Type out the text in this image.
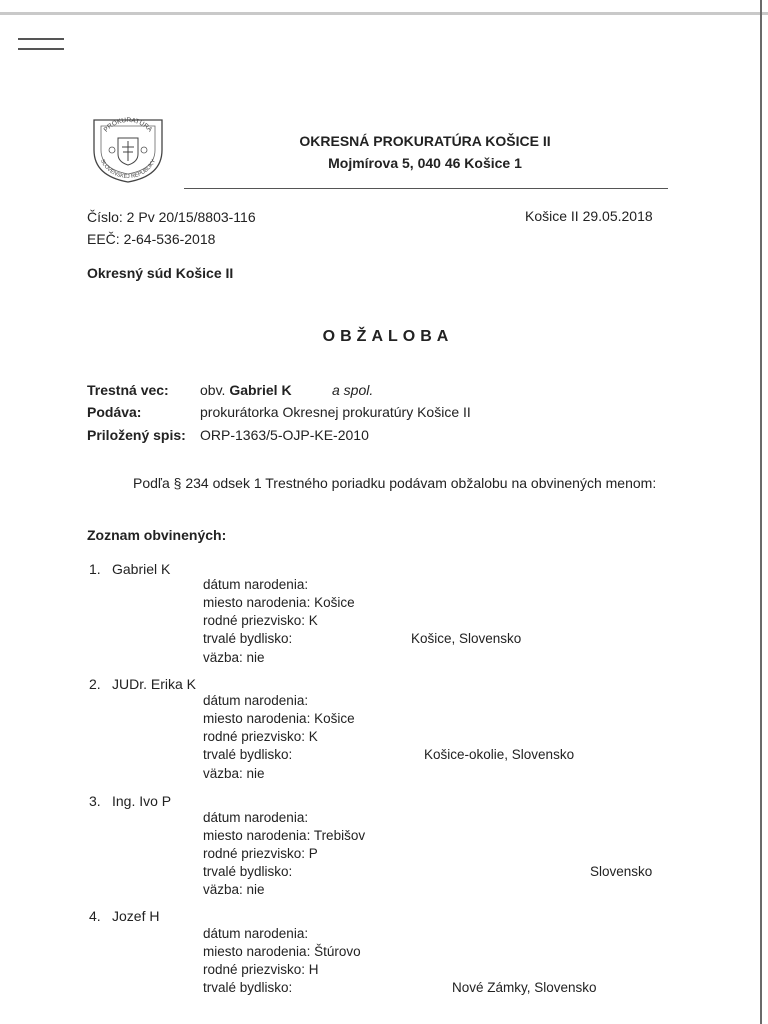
PROKURATÚRA
SLOVENSKEJ REPUBLIKY
OKRESNÁ PROKURATÚRA KOŠICE II
Mojmírova 5, 040 46 Košice 1
Číslo: 2 Pv 20/15/8803-116
EEČ: 2-64-536-2018
Košice II 29.05.2018
Okresný súd Košice II
OBŽALOBA
Trestná vec: obv. Gabriel K	a spol.
Podáva:	prokurátorka Okresnej prokuratúry Košice II
Priložený spis: ORP-1363/5-OJP-KE-2010
Podľa § 234 odsek 1 Trestného poriadku podávam obžalobu na obvinených menom:
Zoznam obvinených:
1. Gabriel K
dátum narodenia:
miesto narodenia: Košice
rodné priezvisko: K
trvalé bydlisko:	Košice, Slovensko
väzba: nie
2. JUDr. Erika K
dátum narodenia:
miesto narodenia: Košice
rodné priezvisko: K
trvalé bydlisko:	Košice-okolie, Slovensko
väzba: nie
3. Ing. Ivo P
dátum narodenia:
miesto narodenia: Trebišov
rodné priezvisko: P
trvalé bydlisko:	Slovensko
väzba: nie
4. Jozef H
dátum narodenia:
miesto narodenia: Štúrovo
rodné priezvisko: H
trvalé bydlisko:	Nové Zámky, Slovensko
